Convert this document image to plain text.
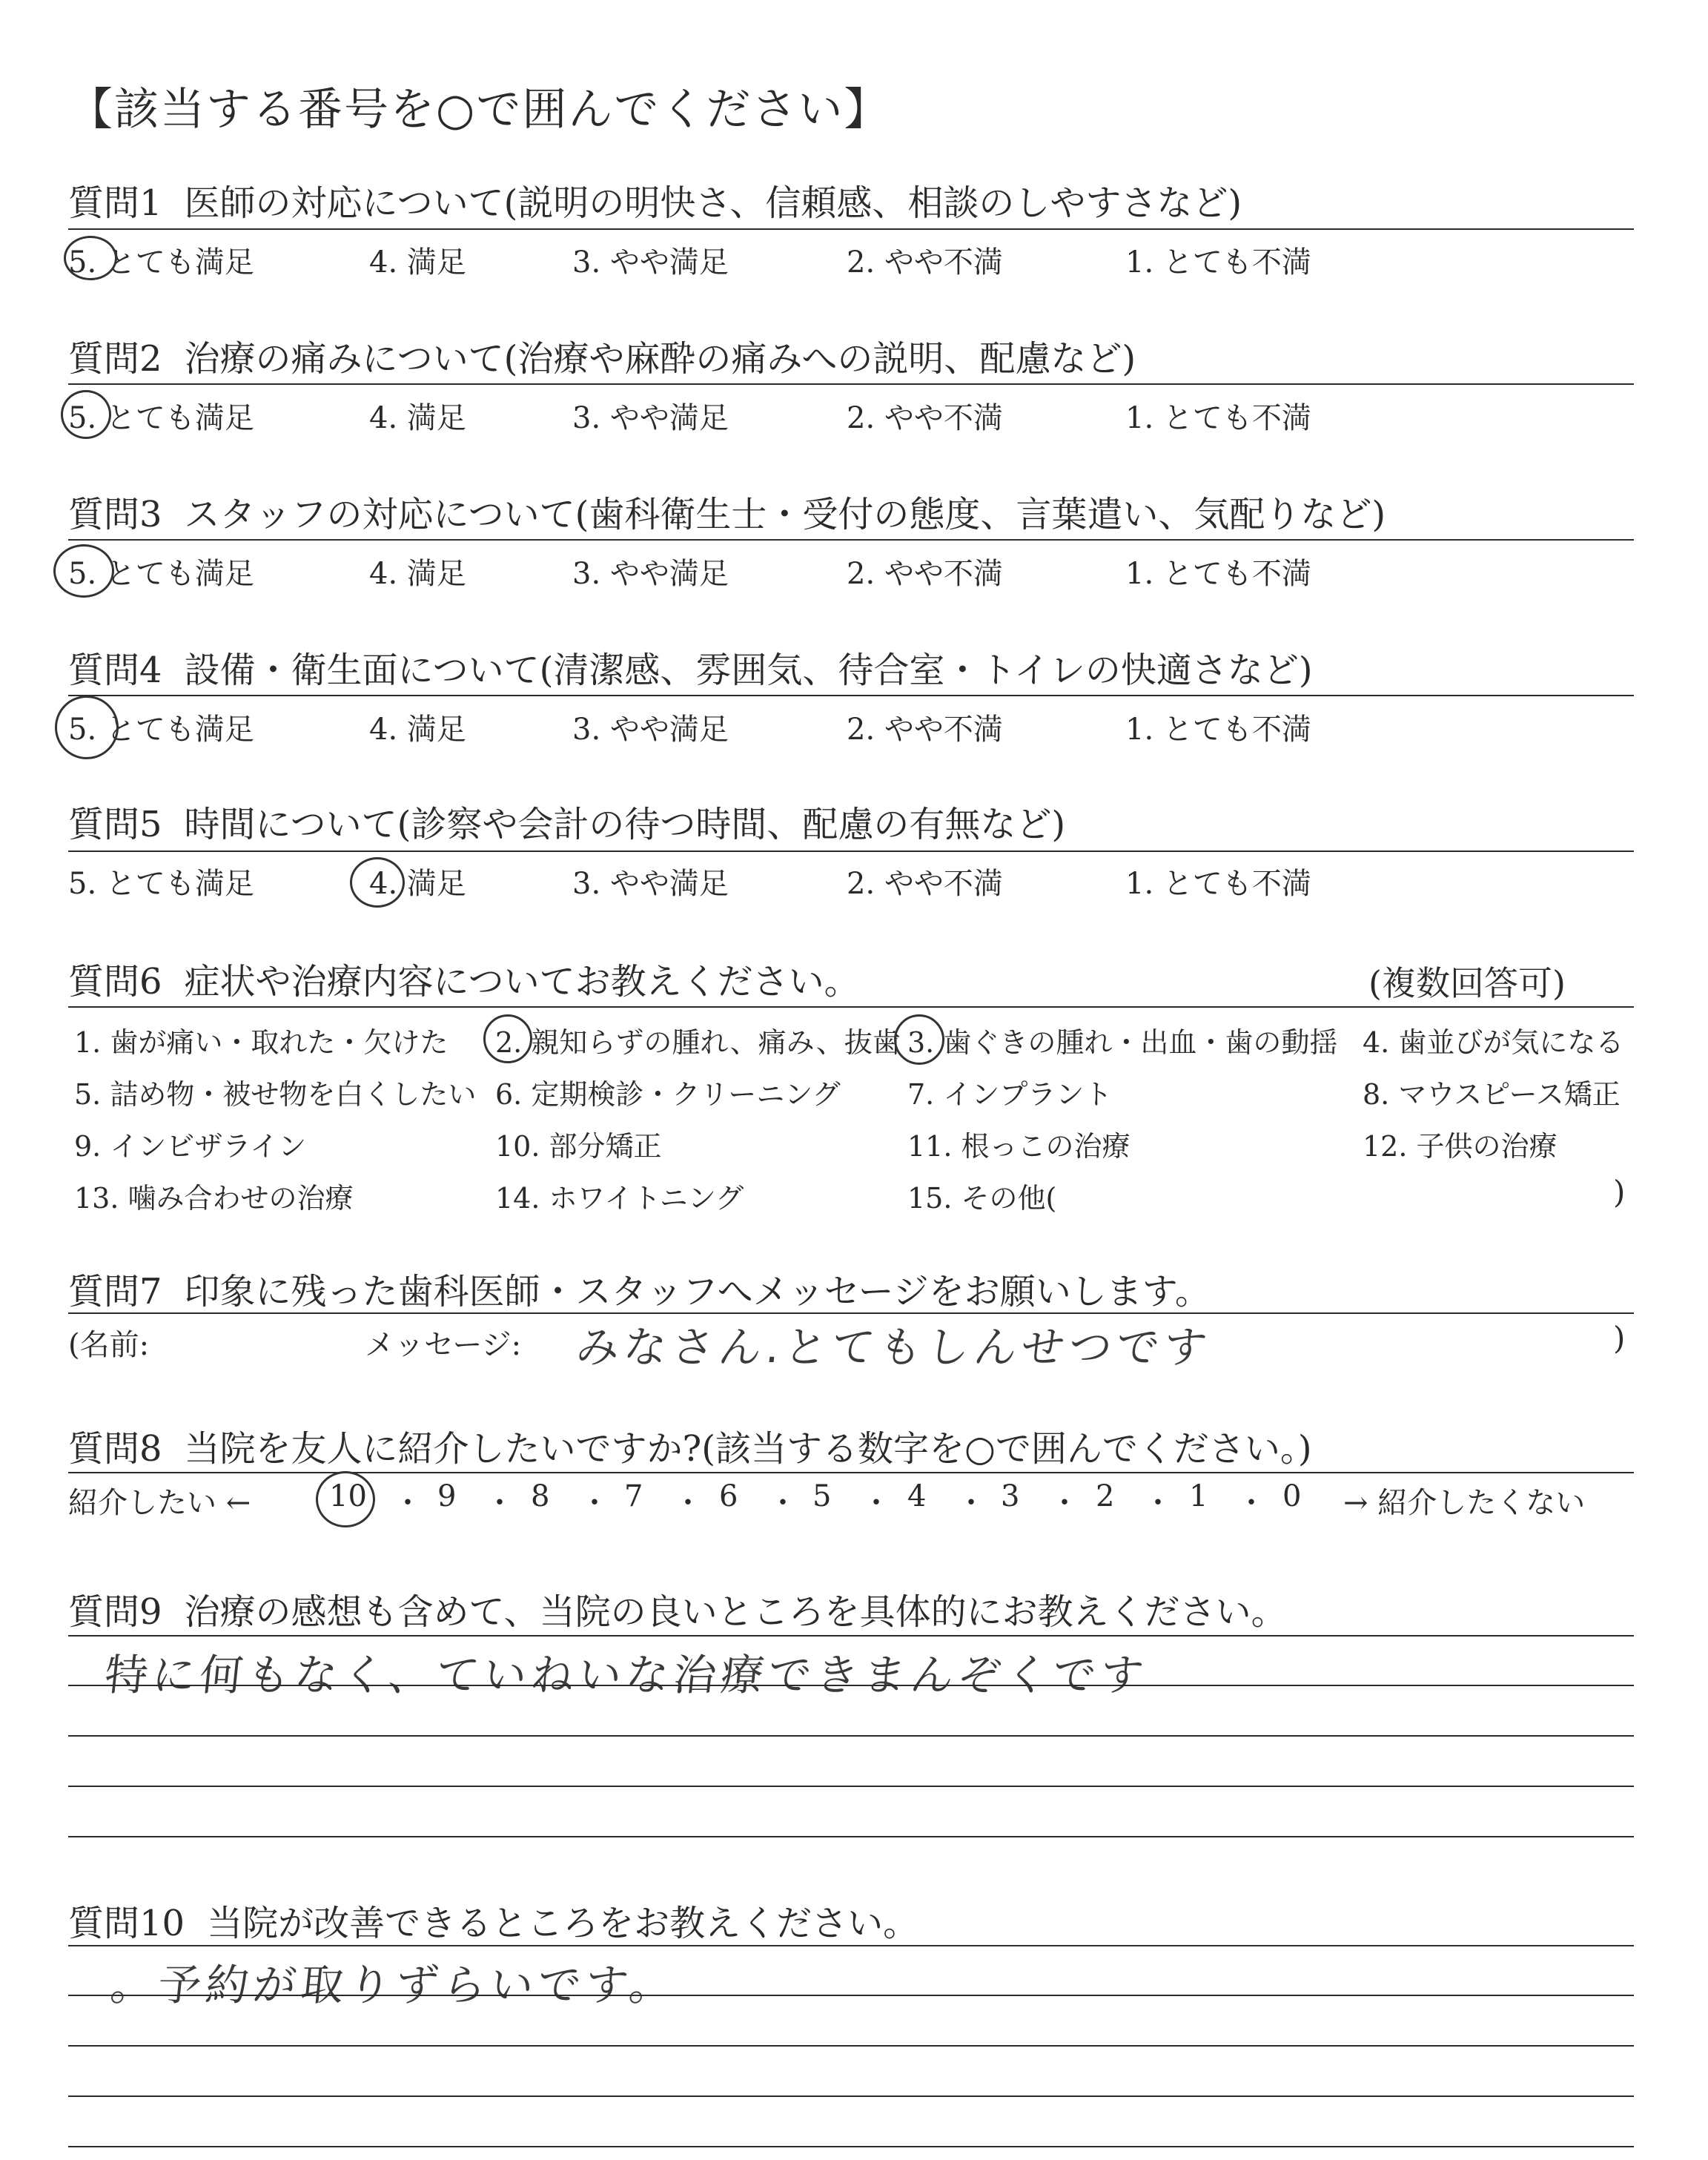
【該当する番号を○で囲んでください】
質問1 医師の対応について(説明の明快さ、信頼感、相談のしやすさなど)
5. とても満足	4. 満足	3. やや満足	2. やや不満	1. とても不満
質問2 治療の痛みについて(治療や麻酔の痛みへの説明、配慮など)
5. とても満足	4. 満足	3. やや満足	2. やや不満	1. とても不満
質問3 スタッフの対応について(歯科衛生士・受付の態度、言葉遣い、気配りなど)
5. とても満足	4. 満足	3. やや満足	2. やや不満	1. とても不満
質問4 設備・衛生面について(清潔感、雰囲気、待合室・トイレの快適さなど)
5. とても満足	4. 満足	3. やや満足	2. やや不満	1. とても不満
質問5 時間について(診察や会計の待つ時間、配慮の有無など)
5. とても満足	4. 満足	3. やや満足	2. やや不満	1. とても不満
質問6 症状や治療内容についてお教えください。	(複数回答可)
1. 歯が痛い・取れた・欠けた 2. 親知らずの腫れ、痛み、抜歯 3. 歯ぐきの腫れ・出血・歯の動揺 4. 歯並びが気になる
5. 詰め物・被せ物を白くしたい 6. 定期検診・クリーニング 7. インプラント	8. マウスピース矯正
9. インビザライン	10. 部分矯正	11. 根っこの治療	12. 子供の治療
13. 噛み合わせの治療	14. ホワイトニング	15. その他(	)
質問7 印象に残った歯科医師・スタッフへメッセージをお願いします。
(名前:	メッセージ: みなさん.とてもしんせつです	)
質問8 当院を友人に紹介したいですか?(該当する数字を○で囲んでください。)
紹介したい ←	→ 紹介したくない
10 ・ 9 ・ 8 ・ 7 ・ 6 ・ 5 ・ 4 ・ 3 ・ 2 ・ 1 ・ 0
質問9 治療の感想も含めて、当院の良いところを具体的にお教えください。
特に何もなく、ていねいな治療できまんぞくです
質問10 当院が改善できるところをお教えください。
。予約が取りずらいです。
